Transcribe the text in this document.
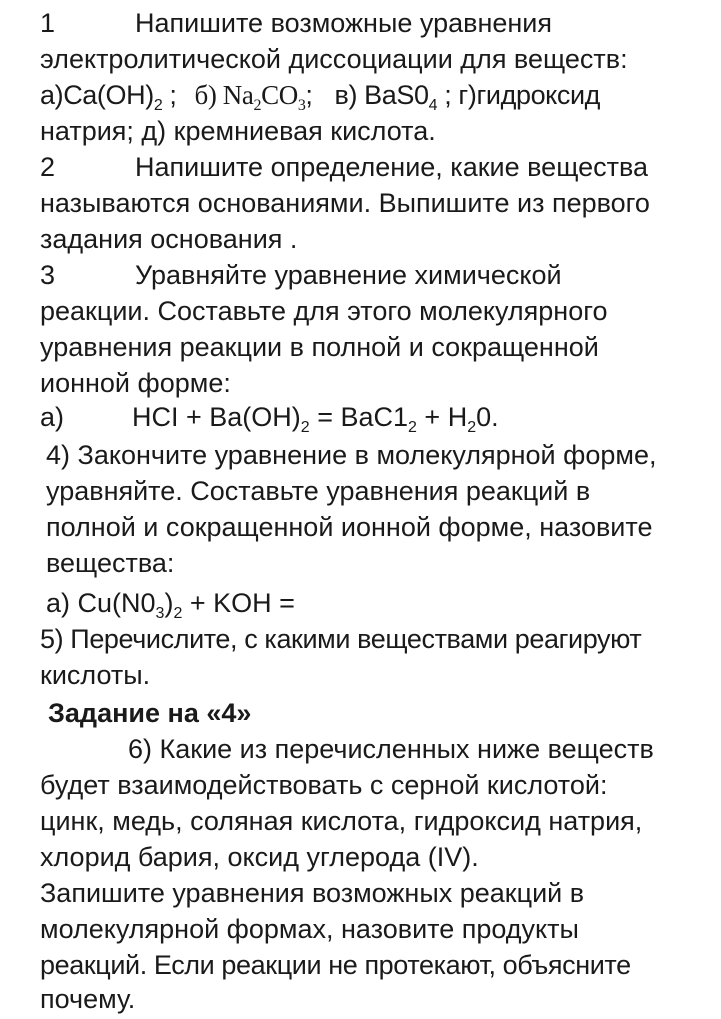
1	Напишите возможные уравнения
электролитической диссоциации для веществ:
$а)Ca(OH)_2$ ; б) $Na_2CO_3$; в) $BaS0_4$ ; г)гидроксид
натрия; д) кремниевая кислота.
2	Напишите определение, какие вещества
называются основаниями. Выпишите из первого
задания основания .
3	Уравняйте уравнение химической
реакции. Составьте для этого молекулярного
уравнения реакции в полной и сокращенной
ионной форме:
а)	HCI + $Ba(OH)_2 = BaC1_2 + H_20$.
4) Закончите уравнение в молекулярной форме,
уравняйте. Составьте уравнения реакций в
полной и сокращенной ионной форме, назовите
вещества:
а) $Cu(N0_3)_2$ + KOH =
5) Перечислите, с какими веществами реагируют
кислоты.
Задание на «4»
6) Какие из перечисленных ниже веществ
будет взаимодействовать с серной кислотой:
цинк, медь, соляная кислота, гидроксид натрия,
хлорид бария, оксид углерода (IV).
Запишите уравнения возможных реакций в
молекулярной формах, назовите продукты
реакций. Если реакции не протекают, объясните
почему.
